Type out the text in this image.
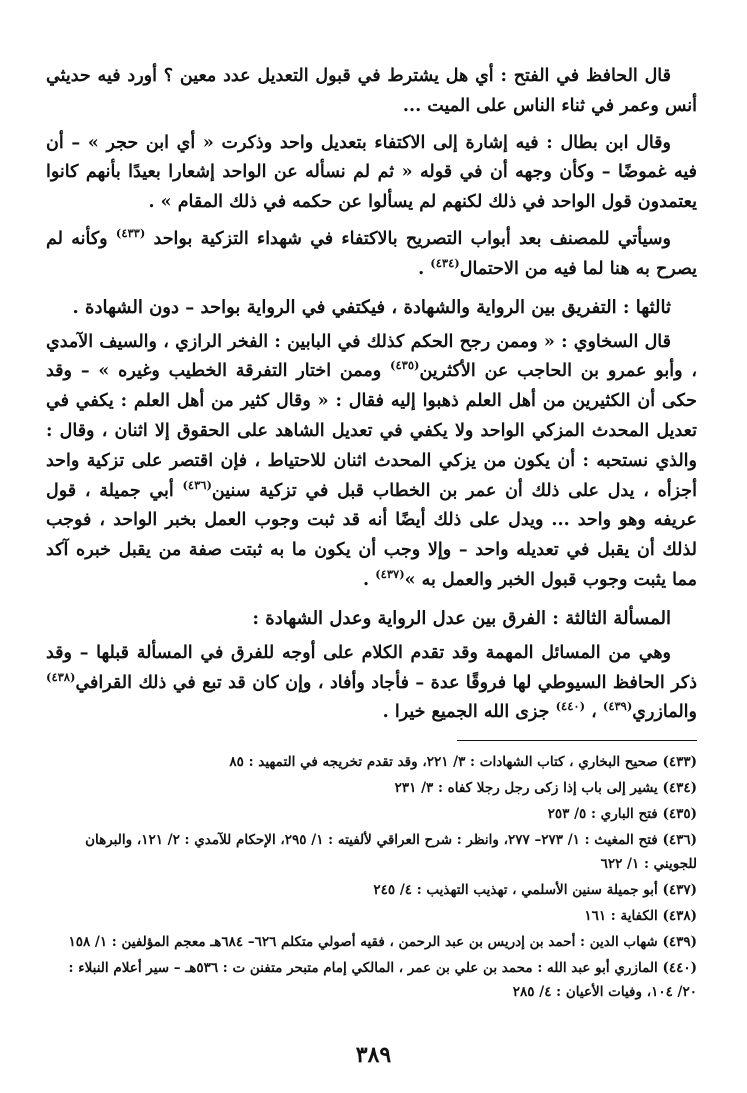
قال الحافظ في الفتح : أي هل يشترط في قبول التعديل عدد معين ؟ أورد فيه حديثي أنس وعمر في ثناء الناس على الميت ...

وقال ابن بطال : فيه إشارة إلى الاكتفاء بتعديل واحد وذكرت « أي ابن حجر » – أن فيه غموضًا – وكأن وجهه أن في قوله « ثم لم نسأله عن الواحد إشعارا بعيدًا بأنهم كانوا يعتمدون قول الواحد في ذلك لكنهم لم يسألوا عن حكمه في ذلك المقام » .

وسيأتي للمصنف بعد أبواب التصريح بالاكتفاء في شهداء التزكية بواحد $^{(٤٣٣)}$ وكأنه لم يصرح به هنا لما فيه من الاحتمال$^{(٤٣٤)}$ .

ثالثها : التفريق بين الرواية والشهادة ، فيكتفي في الرواية بواحد – دون الشهادة .

قال السخاوي : « وممن رجح الحكم كذلك في البابين : الفخر الرازي ، والسيف الآمدي ، وأبو عمرو بن الحاجب عن الأكثرين$^{(٤٣٥)}$ وممن اختار التفرقة الخطيب وغيره » – وقد حكى أن الكثيرين من أهل العلم ذهبوا إليه فقال : « وقال كثير من أهل العلم : يكفي في تعديل المحدث المزكي الواحد ولا يكفي في تعديل الشاهد على الحقوق إلا اثنان ، وقال : والذي نستحبه : أن يكون من يزكي المحدث اثنان للاحتياط ، فإن اقتصر على تزكية واحد أجزأه ، يدل على ذلك أن عمر بن الخطاب قبل في تزكية سنين$^{(٤٣٦)}$ أبي جميلة ، قول عريفه وهو واحد ... ويدل على ذلك أيضًا أنه قد ثبت وجوب العمل بخبر الواحد ، فوجب لذلك أن يقبل في تعديله واحد – وإلا وجب أن يكون ما به ثبتت صفة من يقبل خبره آكد مما يثبت وجوب قبول الخبر والعمل به »$^{(٤٣٧)}$ .

المسألة الثالثة : الفرق بين عدل الرواية وعدل الشهادة :

وهي من المسائل المهمة وقد تقدم الكلام على أوجه للفرق في المسألة قبلها – وقد ذكر الحافظ السيوطي لها فروقًا عدة – فأجاد وأفاد ، وإن كان قد تبع في ذلك القرافي$^{(٤٣٨)}$ والمازري$^{(٤٣٩)}$ ، $^{(٤٤٠)}$ جزى الله الجميع خيرا .

(٤٣٣) صحيح البخاري ، كتاب الشهادات : ٣/ ٢٢١، وقد تقدم تخريجه في التمهيد : ٨٥

(٤٣٤) يشير إلى باب إذا زكى رجل رجلا كفاه : ٣/ ٢٣١

(٤٣٥) فتح الباري : ٥/ ٢٥٣

(٤٣٦) فتح المغيث : ١/ ٢٧٣– ٢٧٧، وانظر : شرح العراقي لألفيته : ١/ ٢٩٥، الإحكام للآمدي : ٢/ ١٢١، والبرهان للجويني : ١/ ٦٢٢

(٤٣٧) أبو جميلة سنين الأسلمي ، تهذيب التهذيب : ٤/ ٢٤٥

(٤٣٨) الكفاية : ١٦١

(٤٣٩) شهاب الدين : أحمد بن إدريس بن عبد الرحمن ، فقيه أصولي متكلم ٦٢٦– ٦٨٤هـ معجم المؤلفين : ١/ ١٥٨

(٤٤٠) المازري أبو عبد الله : محمد بن علي بن عمر ، المالكي إمام متبحر متفنن ت : ٥٣٦هـ – سير أعلام النبلاء : ٢٠/ ١٠٤، وفيات الأعيان : ٤/ ٢٨٥

٣٨٩
